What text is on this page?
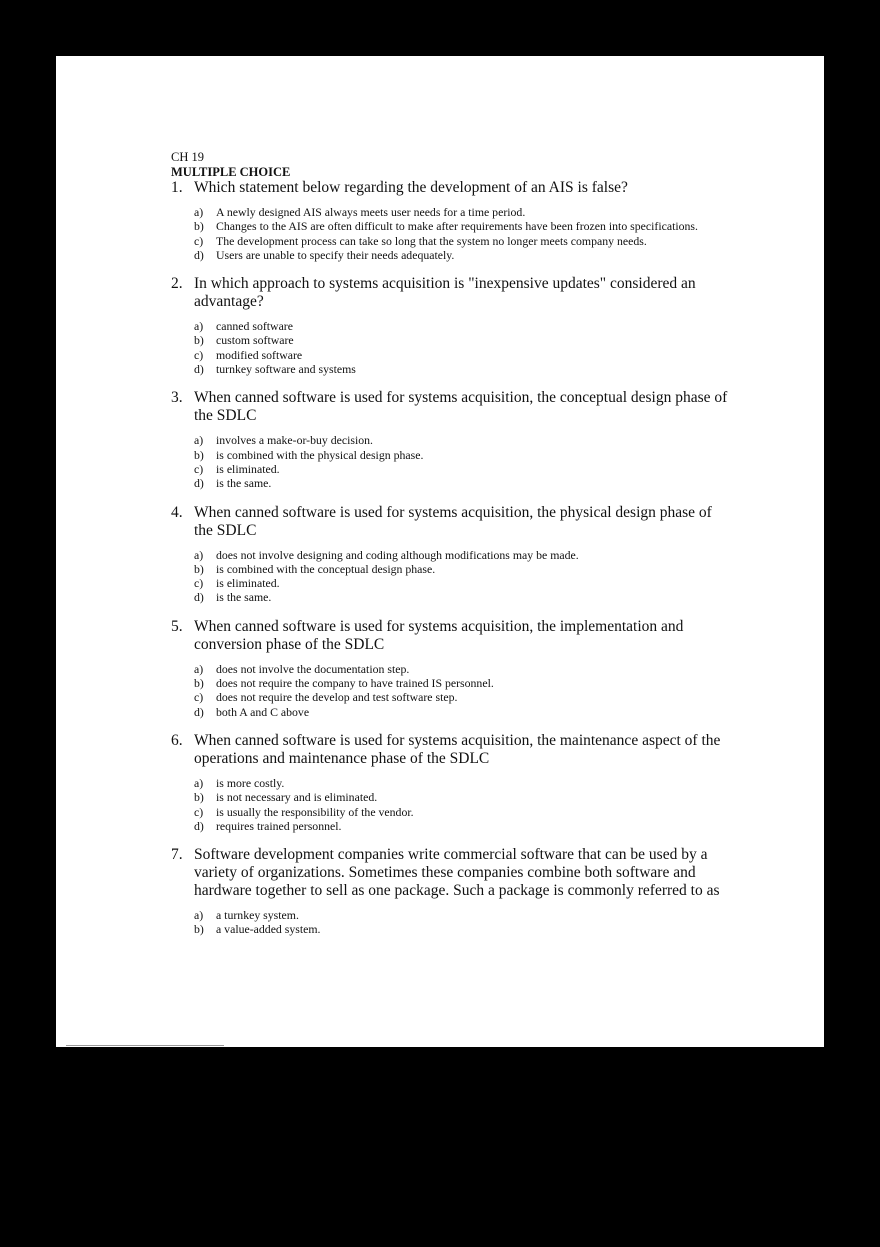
CH 19

MULTIPLE CHOICE

1. Which statement below regarding the development of an AIS is false?
a)	A newly designed AIS always meets user needs for a time period.
b)	Changes to the AIS are often difficult to make after requirements have been frozen into specifications.
c)	The development process can take so long that the system no longer meets company needs.
d)	Users are unable to specify their needs adequately.
2. In which approach to systems acquisition is "inexpensive updates" considered an advantage?
a)	canned software
b)	custom software
c)	modified software
d)	turnkey software and systems
3. When canned software is used for systems acquisition, the conceptual design phase of the SDLC
a)	involves a make-or-buy decision.
b)	is combined with the physical design phase.
c)	is eliminated.
d)	is the same.
4. When canned software is used for systems acquisition, the physical design phase of the SDLC
a)	does not involve designing and coding although modifications may be made.
b)	is combined with the conceptual design phase.
c)	is eliminated.
d)	is the same.
5. When canned software is used for systems acquisition, the implementation and conversion phase of the SDLC
a)	does not involve the documentation step.
b)	does not require the company to have trained IS personnel.
c)	does not require the develop and test software step.
d)	both A and C above
6. When canned software is used for systems acquisition, the maintenance aspect of the operations and maintenance phase of the SDLC
a)	is more costly.
b)	is not necessary and is eliminated.
c)	is usually the responsibility of the vendor.
d)	requires trained personnel.
7. Software development companies write commercial software that can be used by a variety of organizations. Sometimes these companies combine both software and hardware together to sell as one package. Such a package is commonly referred to as
a)	a turnkey system.
b)	a value-added system.
